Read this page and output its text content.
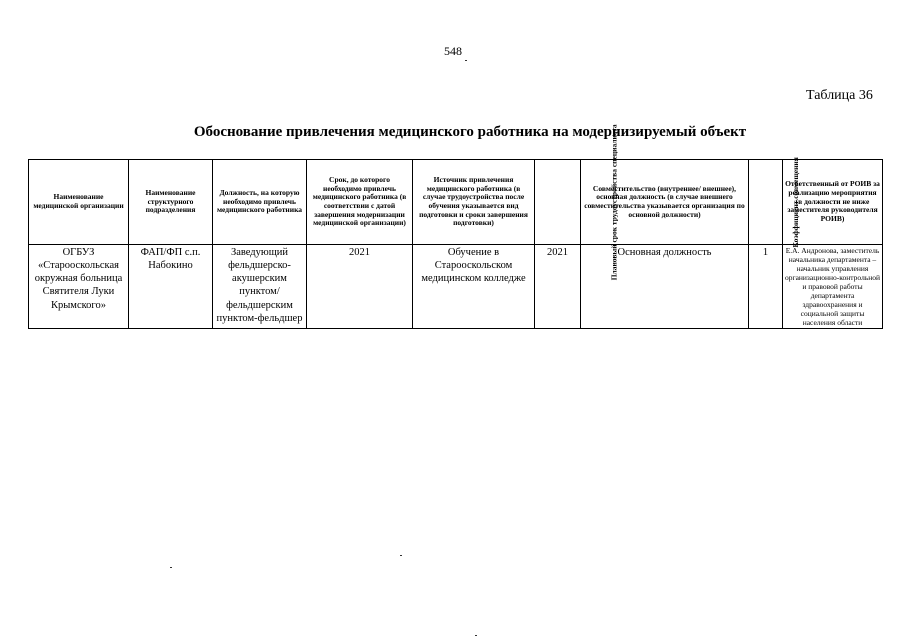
548
Таблица 36
Обоснование привлечения медицинского работника на модернизируемый объект
Наименование медицинской организации	Наименование структурного подразделения	Должность, на которую необходимо привлечь медицинского работника	Срок, до которого необходимо привлечь медицинского работника (в соответствии с датой завершения модернизации медицинской организации)	Источник привлечения медицинского работника (в случае трудоустройства после обучения указывается вид подготовки и сроки завершения подготовки)	Плановый срок трудоустройства специалиста	Совместительство (внутреннее/ внешнее), основная должность (в случае внешнего совместительства указывается организация по основной должности)	Коэффициент совмещения	Ответственный от РОИВ за реализацию мероприятия (в должности не ниже заместителя руководителя РОИВ)
ОГБУЗ «Старооскольская окружная больница Святителя Луки Крымского»	ФАП/ФП с.п. Набокино	Заведующий фельдшерско-акушерским пунктом/фельдшерским пунктом-фельдшер	2021	Обучение в Старооскольском медицинском колледже	2021	Основная должность	1	Е.А. Андронова, заместитель начальника департамента – начальник управления организационно-контрольной и правовой работы департамента здравоохранения и социальной защиты населения области
